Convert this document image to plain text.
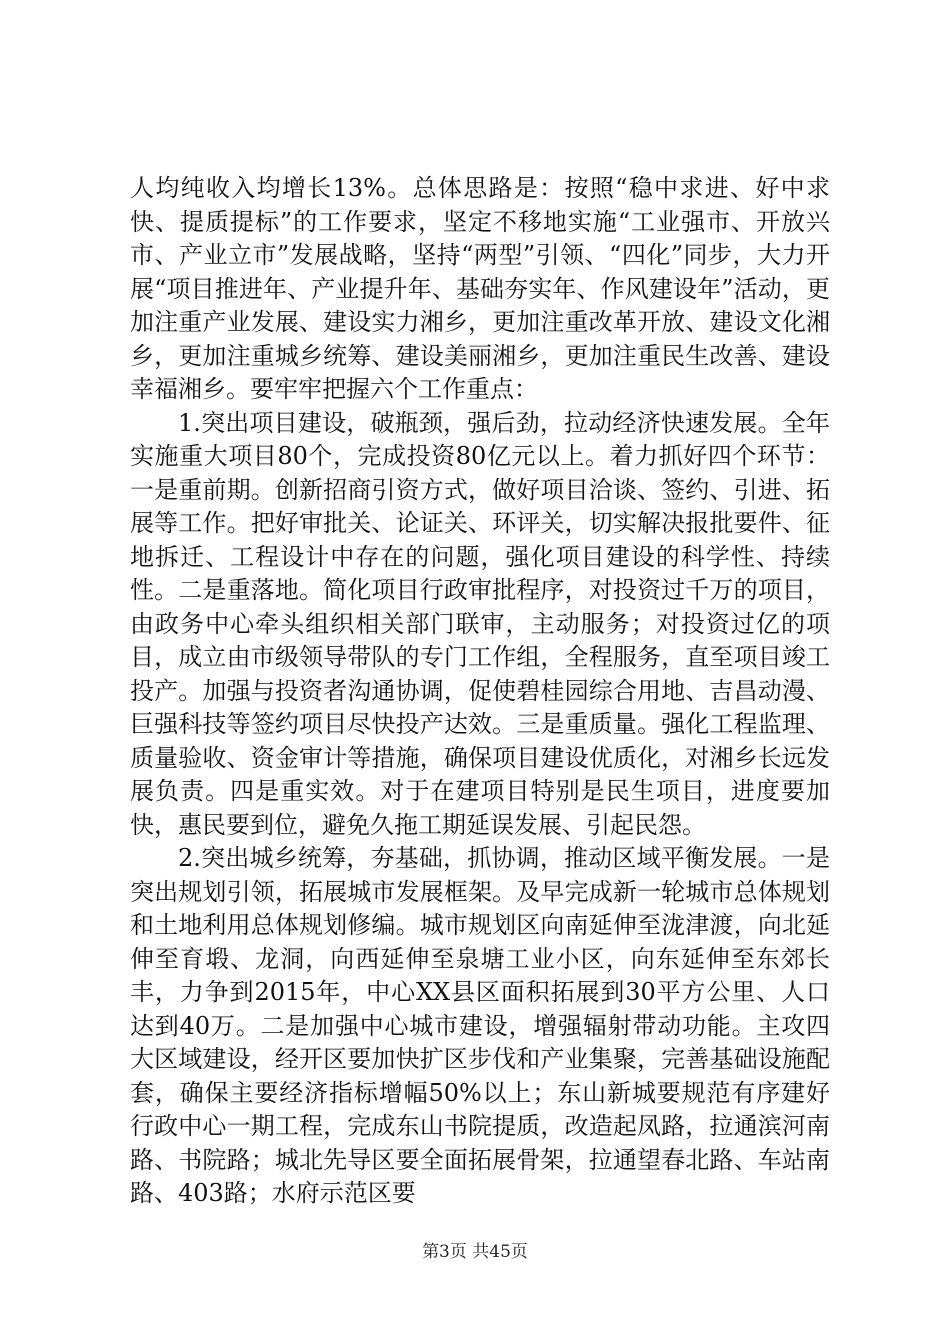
人均纯收入均增长13%。总体思路是：按照“稳中求进、好中求快、提质提标”的工作要求，坚定不移地实施“工业强市、开放兴市、产业立市”发展战略，坚持“两型”引领、“四化”同步，大力开展“项目推进年、产业提升年、基础夯实年、作风建设年”活动，更加注重产业发展、建设实力湘乡，更加注重改革开放、建设文化湘乡，更加注重城乡统筹、建设美丽湘乡，更加注重民生改善、建设幸福湘乡。要牢牢把握六个工作重点：

1.突出项目建设，破瓶颈，强后劲，拉动经济快速发展。全年实施重大项目80个，完成投资80亿元以上。着力抓好四个环节：一是重前期。创新招商引资方式，做好项目洽谈、签约、引进、拓展等工作。把好审批关、论证关、环评关，切实解决报批要件、征地拆迁、工程设计中存在的问题，强化项目建设的科学性、持续性。二是重落地。简化项目行政审批程序，对投资过千万的项目，由政务中心牵头组织相关部门联审，主动服务；对投资过亿的项目，成立由市级领导带队的专门工作组，全程服务，直至项目竣工投产。加强与投资者沟通协调，促使碧桂园综合用地、吉昌动漫、巨强科技等签约项目尽快投产达效。三是重质量。强化工程监理、质量验收、资金审计等措施，确保项目建设优质化，对湘乡长远发展负责。四是重实效。对于在建项目特别是民生项目，进度要加快，惠民要到位，避免久拖工期延误发展、引起民怨。

2.突出城乡统筹，夯基础，抓协调，推动区域平衡发展。一是突出规划引领，拓展城市发展框架。及早完成新一轮城市总体规划和土地利用总体规划修编。城市规划区向南延伸至泷津渡，向北延伸至育塅、龙洞，向西延伸至泉塘工业小区，向东延伸至东郊长丰，力争到2015年，中心XX县区面积拓展到30平方公里、人口达到40万。二是加强中心城市建设，增强辐射带动功能。主攻四大区域建设，经开区要加快扩区步伐和产业集聚，完善基础设施配套，确保主要经济指标增幅50%以上；东山新城要规范有序建好行政中心一期工程，完成东山书院提质，改造起凤路，拉通滨河南路、书院路；城北先导区要全面拓展骨架，拉通望春北路、车站南路、403路；水府示范区要

第3页 共45页
